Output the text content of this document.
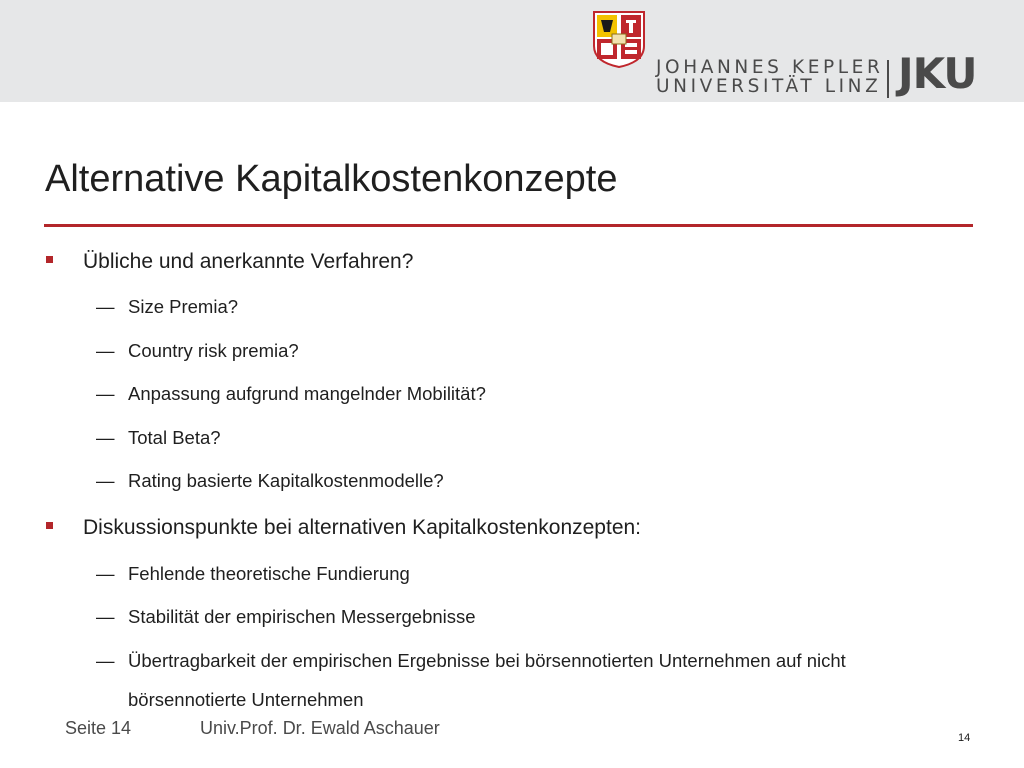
JOHANNES KEPLER
UNIVERSITÄT LINZ JKU
Alternative Kapitalkostenkonzepte
Übliche und anerkannte Verfahren?
— Size Premia?
— Country risk premia?
— Anpassung aufgrund mangelnder Mobilität?
— Total Beta?
— Rating basierte Kapitalkostenmodelle?
Diskussionspunkte bei alternativen Kapitalkostenkonzepten:
— Fehlende theoretische Fundierung
— Stabilität der empirischen Messergebnisse
— Übertragbarkeit der empirischen Ergebnisse bei börsennotierten Unternehmen auf nicht
börsennotierte Unternehmen
Seite 14	Univ.Prof. Dr. Ewald Aschauer	14
